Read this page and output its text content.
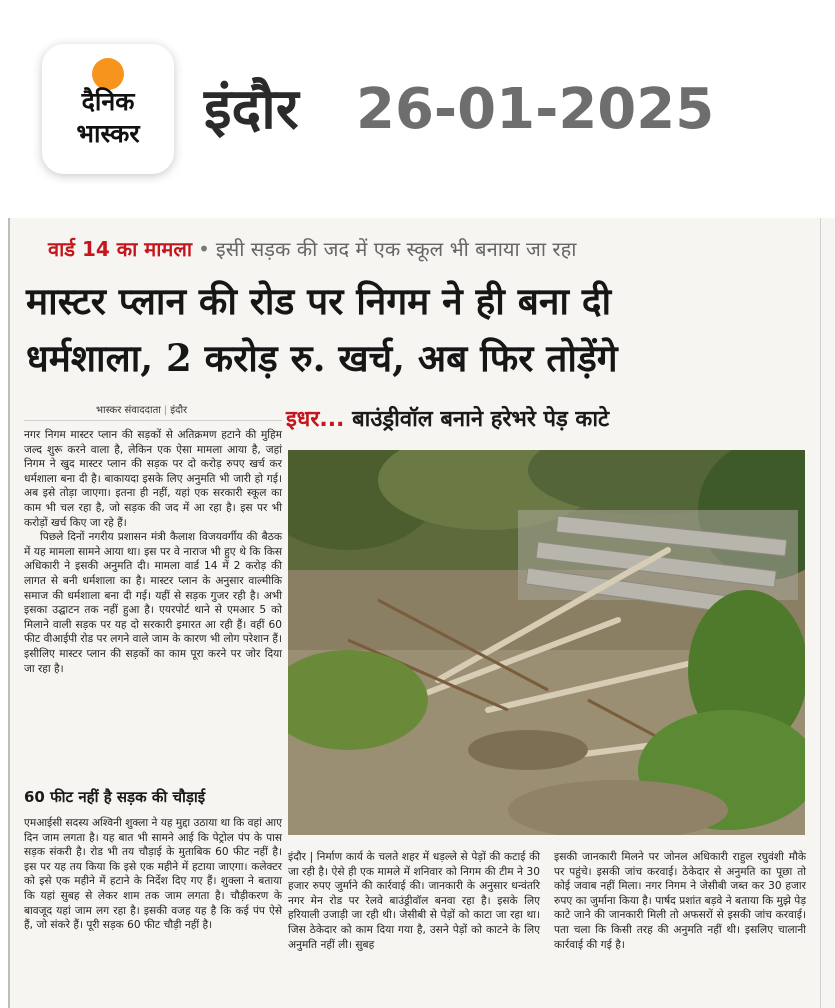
दैनिक
भास्कर	इंदौर 26-01-2025
वार्ड 14 का मामला • इसी सड़क की जद में एक स्कूल भी बनाया जा रहा
मास्टर प्लान की रोड पर निगम ने ही बना दी
धर्मशाला, 2 करोड़ रु. खर्च, अब फिर तोड़ेंगे
भास्कर संवाददाता | इंदौर

नगर निगम मास्टर प्लान की सड़कों से अतिक्रमण हटाने की मुहिम जल्द शुरू करने वाला है, लेकिन एक ऐसा मामला आया है, जहां निगम ने खुद मास्टर प्लान की सड़क पर दो करोड़ रुपए खर्च कर धर्मशाला बना दी है। बाकायदा इसके लिए अनुमति भी जारी हो गई। अब इसे तोड़ा जाएगा। इतना ही नहीं, यहां एक सरकारी स्कूल का काम भी चल रहा है, जो सड़क की जद में आ रहा है। इस पर भी करोड़ों खर्च किए जा रहे हैं।

पिछले दिनों नगरीय प्रशासन मंत्री कैलाश विजयवर्गीय की बैठक में यह मामला सामने आया था। इस पर वे नाराज भी हुए थे कि किस अधिकारी ने इसकी अनुमति दी। मामला वार्ड 14 में 2 करोड़ की लागत से बनी धर्मशाला का है। मास्टर प्लान के अनुसार वाल्मीकि समाज की धर्मशाला बना दी गई। यहीं से सड़क गुजर रही है। अभी इसका उद्घाटन तक नहीं हुआ है। एयरपोर्ट थाने से एमआर 5 को मिलाने वाली सड़क पर यह दो सरकारी इमारत आ रही हैं। वहीं 60 फीट वीआईपी रोड पर लगने वाले जाम के कारण भी लोग परेशान हैं। इसीलिए मास्टर प्लान की सड़कों का काम पूरा करने पर जोर दिया जा रहा है।

60 फीट नहीं है सड़क की चौड़ाई

एमआईसी सदस्य अश्विनी शुक्ला ने यह मुद्दा उठाया था कि वहां आए दिन जाम लगता है। यह बात भी सामने आई कि पेट्रोल पंप के पास सड़क संकरी है। रोड भी तय चौड़ाई के मुताबिक 60 फीट नहीं है। इस पर यह तय किया कि इसे एक महीने में हटाया जाएगा। कलेक्टर को इसे एक महीने में हटाने के निर्देश दिए गए हैं। शुक्ला ने बताया कि यहां सुबह से लेकर शाम तक जाम लगता है। चौड़ीकरण के बावजूद यहां जाम लग रहा है। इसकी वजह यह है कि कई पंप ऐसे हैं, जो संकरे हैं। पूरी सड़क 60 फीट चौड़ी नहीं है।

इधर... बाउंड्रीवॉल बनाने हरेभरे पेड़ काटे
इंदौर | निर्माण कार्य के चलते शहर में धड़ल्ले से पेड़ों की कटाई की जा रही है। ऐसे ही एक मामले में शनिवार को निगम की टीम ने 30 हजार रुपए जुर्माने की कार्रवाई की। जानकारी के अनुसार धन्वंतरि नगर मेन रोड पर रेलवे बाउंड्रीवॉल बनवा रहा है। इसके लिए हरियाली उजाड़ी जा रही थी। जेसीबी से पेड़ों को काटा जा रहा था। जिस ठेकेदार को काम दिया गया है, उसने पेड़ों को काटने के लिए अनुमति नहीं ली। सुबह
इसकी जानकारी मिलने पर जोनल अधिकारी राहुल रघुवंशी मौके पर पहुंचे। इसकी जांच करवाई। ठेकेदार से अनुमति का पूछा तो कोई जवाब नहीं मिला। नगर निगम ने जेसीबी जब्त कर 30 हजार रुपए का जुर्माना किया है। पार्षद प्रशांत बड़वे ने बताया कि मुझे पेड़ काटे जाने की जानकारी मिली तो अफसरों से इसकी जांच करवाई। पता चला कि किसी तरह की अनुमति नहीं थी। इसलिए चालानी कार्रवाई की गई है।
